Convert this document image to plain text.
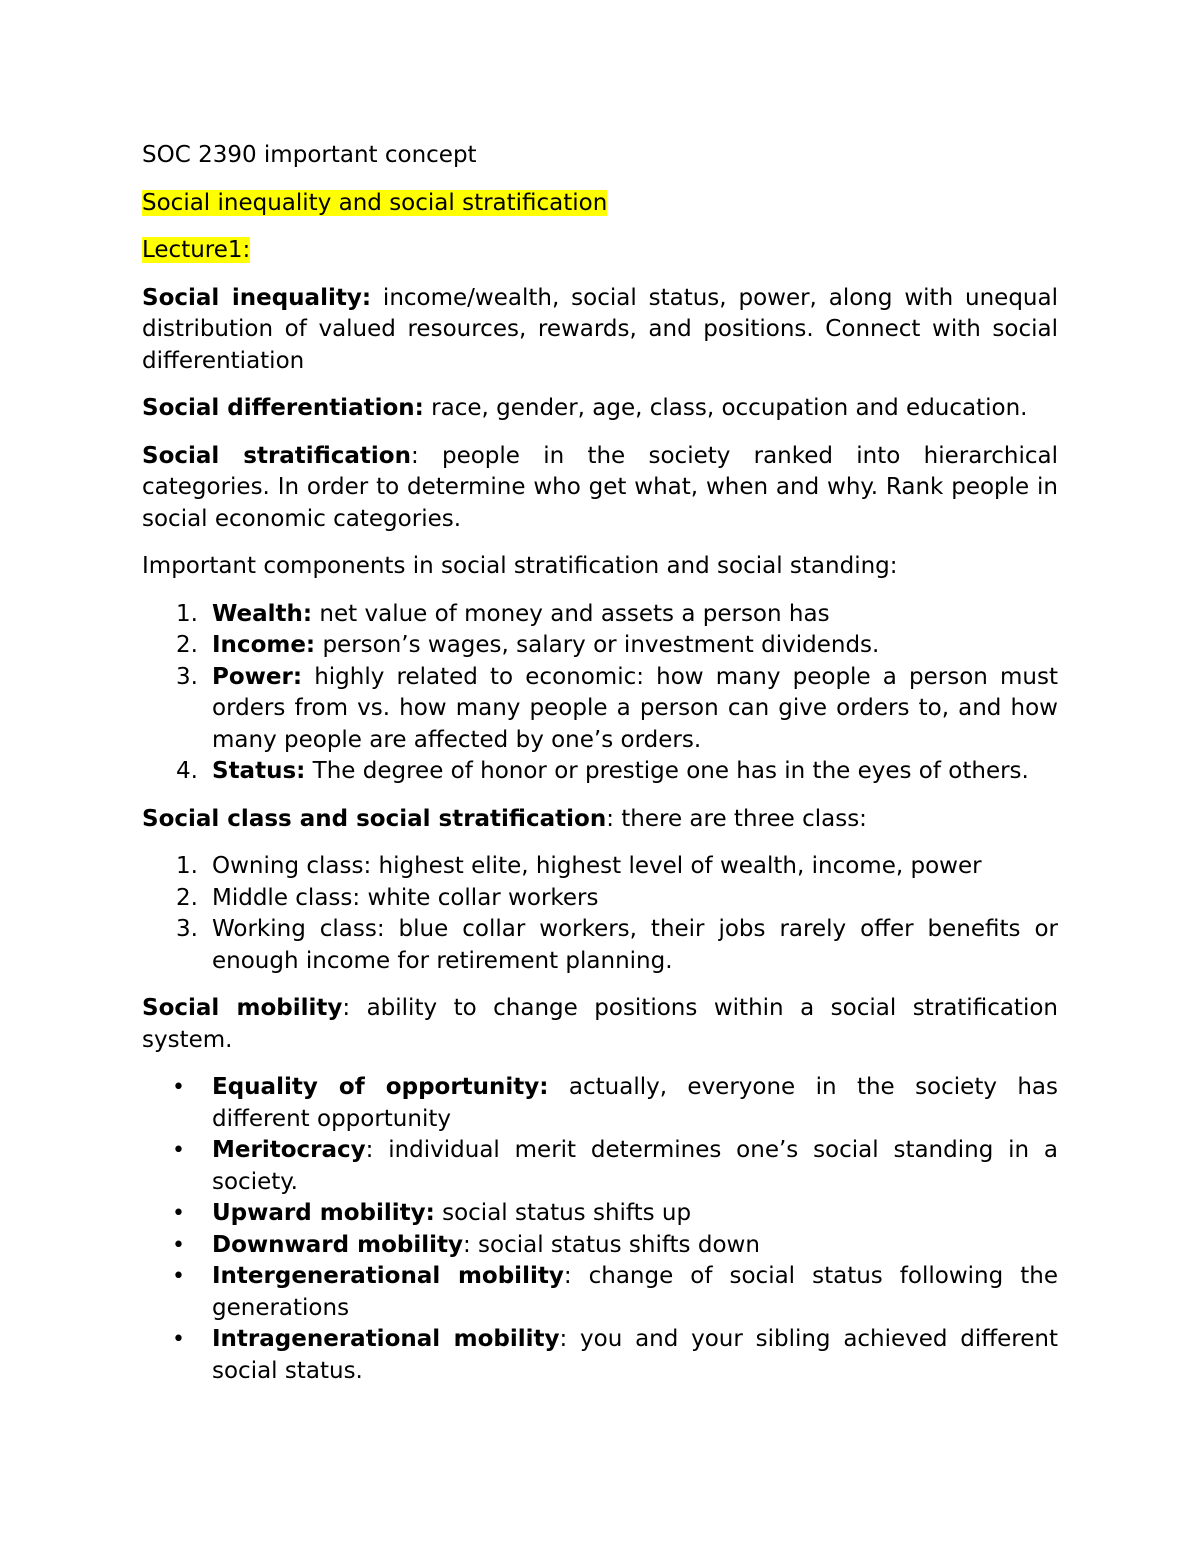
SOC 2390 important concept

Social inequality and social stratification

Lecture1:

Social inequality: income/wealth, social status, power, along with unequal distribution of valued resources, rewards, and positions. Connect with social differentiation

Social differentiation: race, gender, age, class, occupation and education.

Social stratification: people in the society ranked into hierarchical categories. In order to determine who get what, when and why. Rank people in social economic categories.

Important components in social stratification and social standing:

1. Wealth: net value of money and assets a person has
2. Income: person’s wages, salary or investment dividends.
3. Power: highly related to economic: how many people a person must orders from vs. how many people a person can give orders to, and how many people are affected by one’s orders.
4. Status: The degree of honor or prestige one has in the eyes of others.

Social class and social stratification: there are three class:

1. Owning class: highest elite, highest level of wealth, income, power
2. Middle class: white collar workers
3. Working class: blue collar workers, their jobs rarely offer benefits or enough income for retirement planning.

Social mobility: ability to change positions within a social stratification system.

• Equality of opportunity: actually, everyone in the society has different opportunity
• Meritocracy: individual merit determines one’s social standing in a society.
• Upward mobility: social status shifts up
• Downward mobility: social status shifts down
• Intergenerational mobility: change of social status following the generations
• Intragenerational mobility: you and your sibling achieved different social status.
